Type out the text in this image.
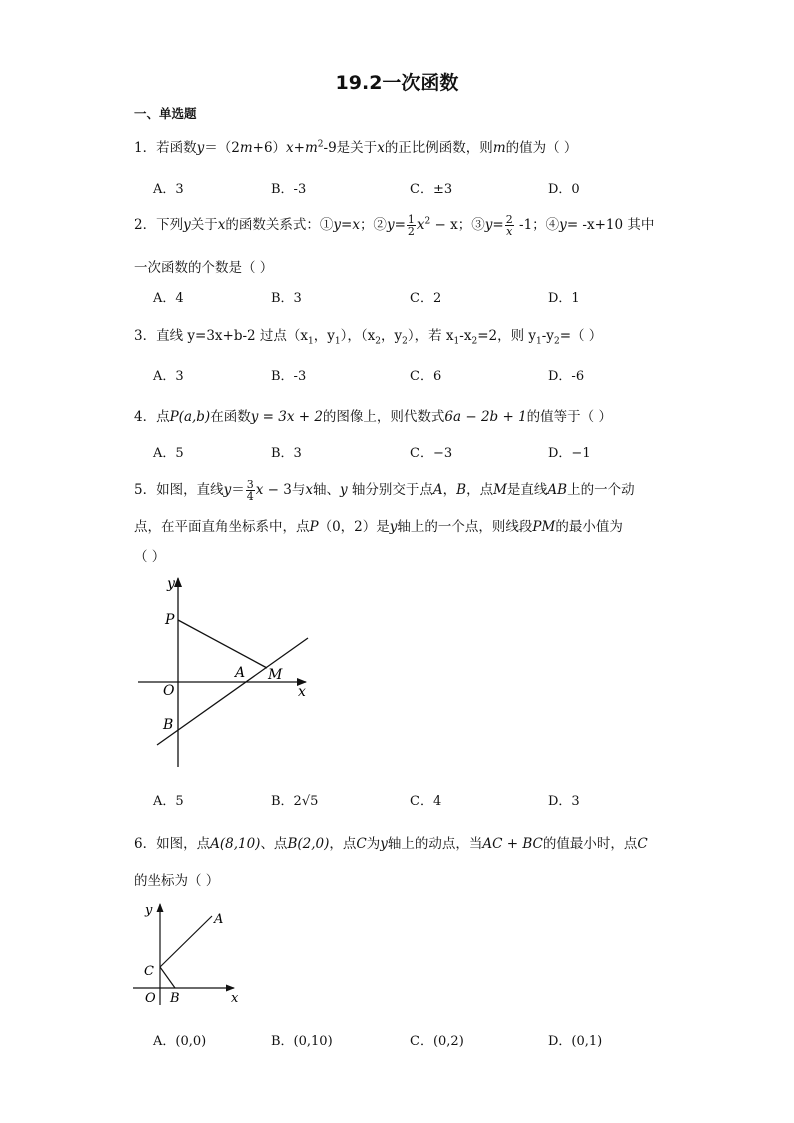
19.2一次函数
一、单选题
1．若函数$y=(2m+6)x+m^2-9$是关于x的正比例函数，则m的值为（ ）
A．3	B．-3	C．±3	D．0
2．下列y关于x的函数关系式：①y=x；②y= $\frac{1}{2} x^2 - x$；③y= $\frac{2}{x} -1$；④y= -x+10 其中
一次函数的个数是（ ）
A．4	B．3	C．2	D．1
3．直线 y=3x+b-2 过点（$x_1$，$y_1$），（$x_2$，$y_2$），若 $x_1-x_2=2$，则 $y_1-y_2=$（ ）
A．3	B．-3	C．6	D．-6
4．点P(a,b)在函数y = 3x + 2的图像上，则代数式6a − 2b + 1的值等于（ ）
A．5	B．3	C．−3	D．−1
5．如图，直线$y= \frac{3}{4}$ x − 3与x轴、y 轴分别交于点A，B，点M是直线AB上的一个动
点，在平面直角坐标系中，点P（0，2）是y轴上的一个点，则线段PM的最小值为
（ ）
y
P
A M
O	x
B
A．5	B．2√5	C．4	D．3
6．如图，点A(8,10)、点B(2,0)，点C为y轴上的动点，当AC + BC的值最小时，点C
的坐标为（ ）
y
A
C
O B	x
A．(0,0)	B．(0,10)	C．(0,2)	D．(0,1)
